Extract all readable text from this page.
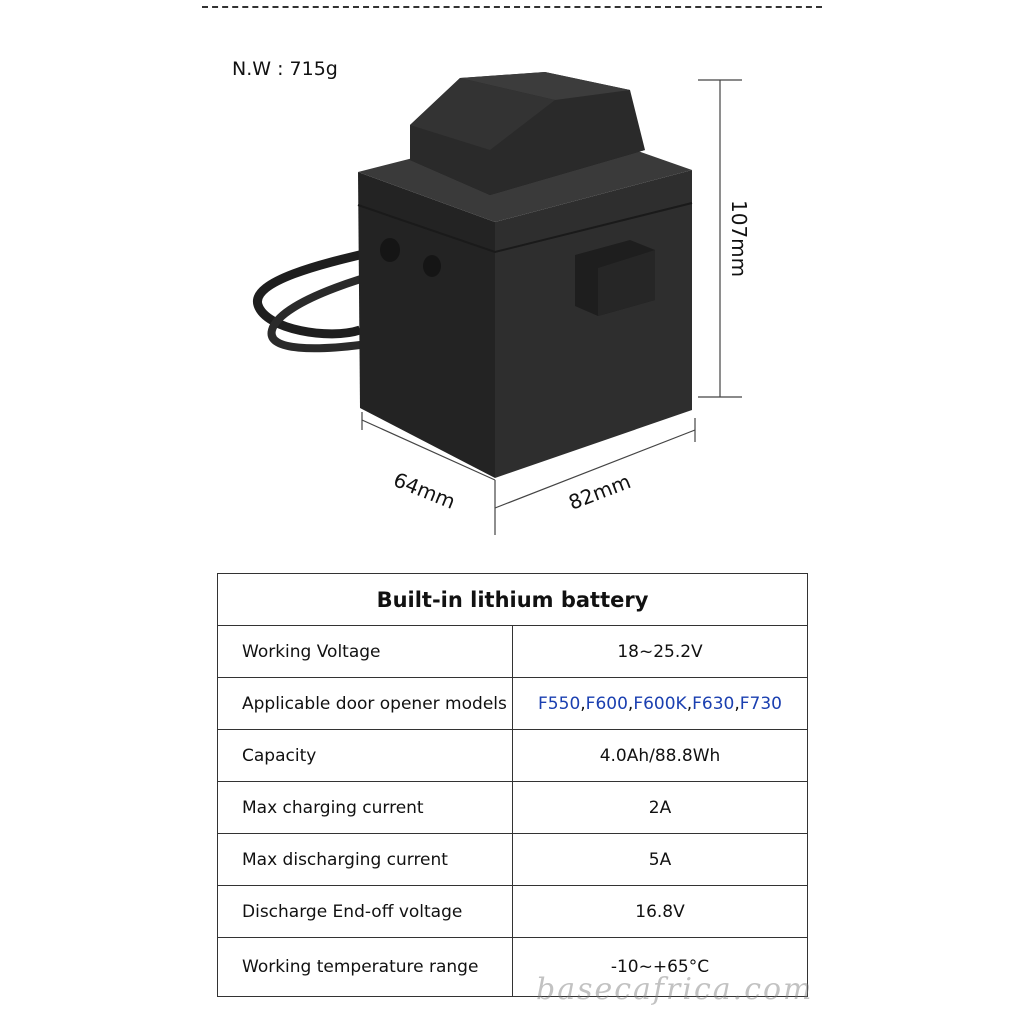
N.W : 715g
107mm
64mm	82mm
Built-in lithium battery	
Working Voltage	18~25.2V
Applicable door opener models	F550,F600,F600K,F630,F730
Capacity	4.0Ah/88.8Wh
Max charging current	2A
Max discharging current	5A
Discharge End-off voltage	16.8V
Working temperature range	-10~+65°C
basecafrica.com
